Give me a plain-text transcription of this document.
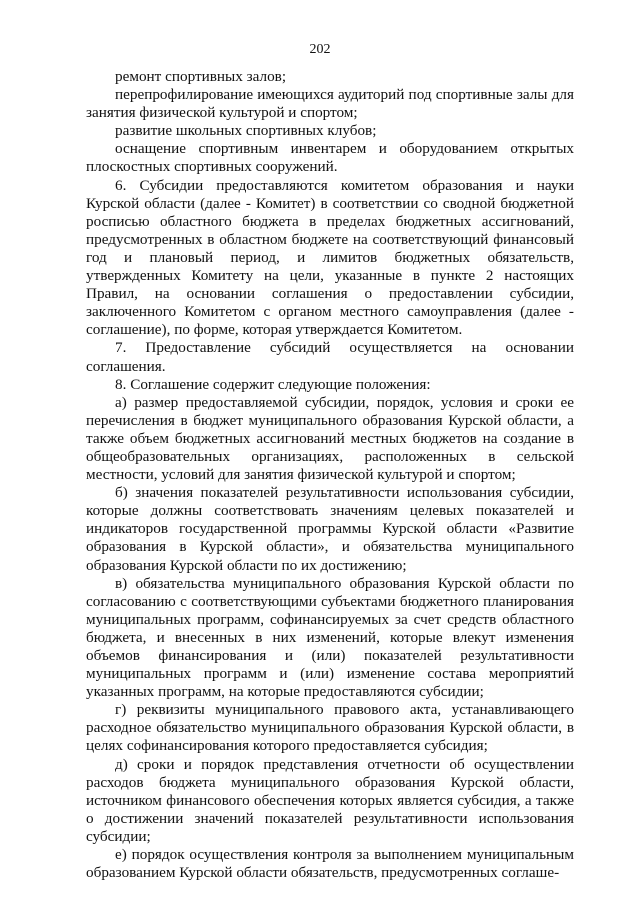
202

ремонт спортивных залов;

перепрофилирование имеющихся аудиторий под спортивные залы для занятия физической культурой и спортом;

развитие школьных спортивных клубов;

оснащение спортивным инвентарем и оборудованием открытых плоскостных спортивных сооружений.

6. Субсидии предоставляются комитетом образования и науки Курской области (далее - Комитет) в соответствии со сводной бюджетной росписью областного бюджета в пределах бюджетных ассигнований, предусмотренных в областном бюджете на соответствующий финансовый год и плановый период, и лимитов бюджетных обязательств, утвержденных Комитету на цели, указанные в пункте 2 настоящих Правил, на основании соглашения о предоставлении субсидии, заключенного Комитетом с органом местного самоуправления (далее - соглашение), по форме, которая утверждается Комитетом.

7. Предоставление субсидий осуществляется на основании соглашения.

8. Соглашение содержит следующие положения:

а) размер предоставляемой субсидии, порядок, условия и сроки ее перечисления в бюджет муниципального образования Курской области, а также объем бюджетных ассигнований местных бюджетов на создание в общеобразовательных организациях, расположенных в сельской местности, условий для занятия физической культурой и спортом;

б) значения показателей результативности использования субсидии, которые должны соответствовать значениям целевых показателей и индикаторов государственной программы Курской области «Развитие образования в Курской области», и обязательства муниципального образования Курской области по их достижению;

в) обязательства муниципального образования Курской области по согласованию с соответствующими субъектами бюджетного планирования муниципальных программ, софинансируемых за счет средств областного бюджета, и внесенных в них изменений, которые влекут изменения объемов финансирования и (или) показателей результативности муниципальных программ и (или) изменение состава мероприятий указанных программ, на которые предоставляются субсидии;

г) реквизиты муниципального правового акта, устанавливающего расходное обязательство муниципального образования Курской области, в целях софинансирования которого предоставляется субсидия;

д) сроки и порядок представления отчетности об осуществлении расходов бюджета муниципального образования Курской области, источником финансового обеспечения которых является субсидия, а также о достижении значений показателей результативности использования субсидии;

е) порядок осуществления контроля за выполнением муниципальным образованием Курской области обязательств, предусмотренных соглаше-
